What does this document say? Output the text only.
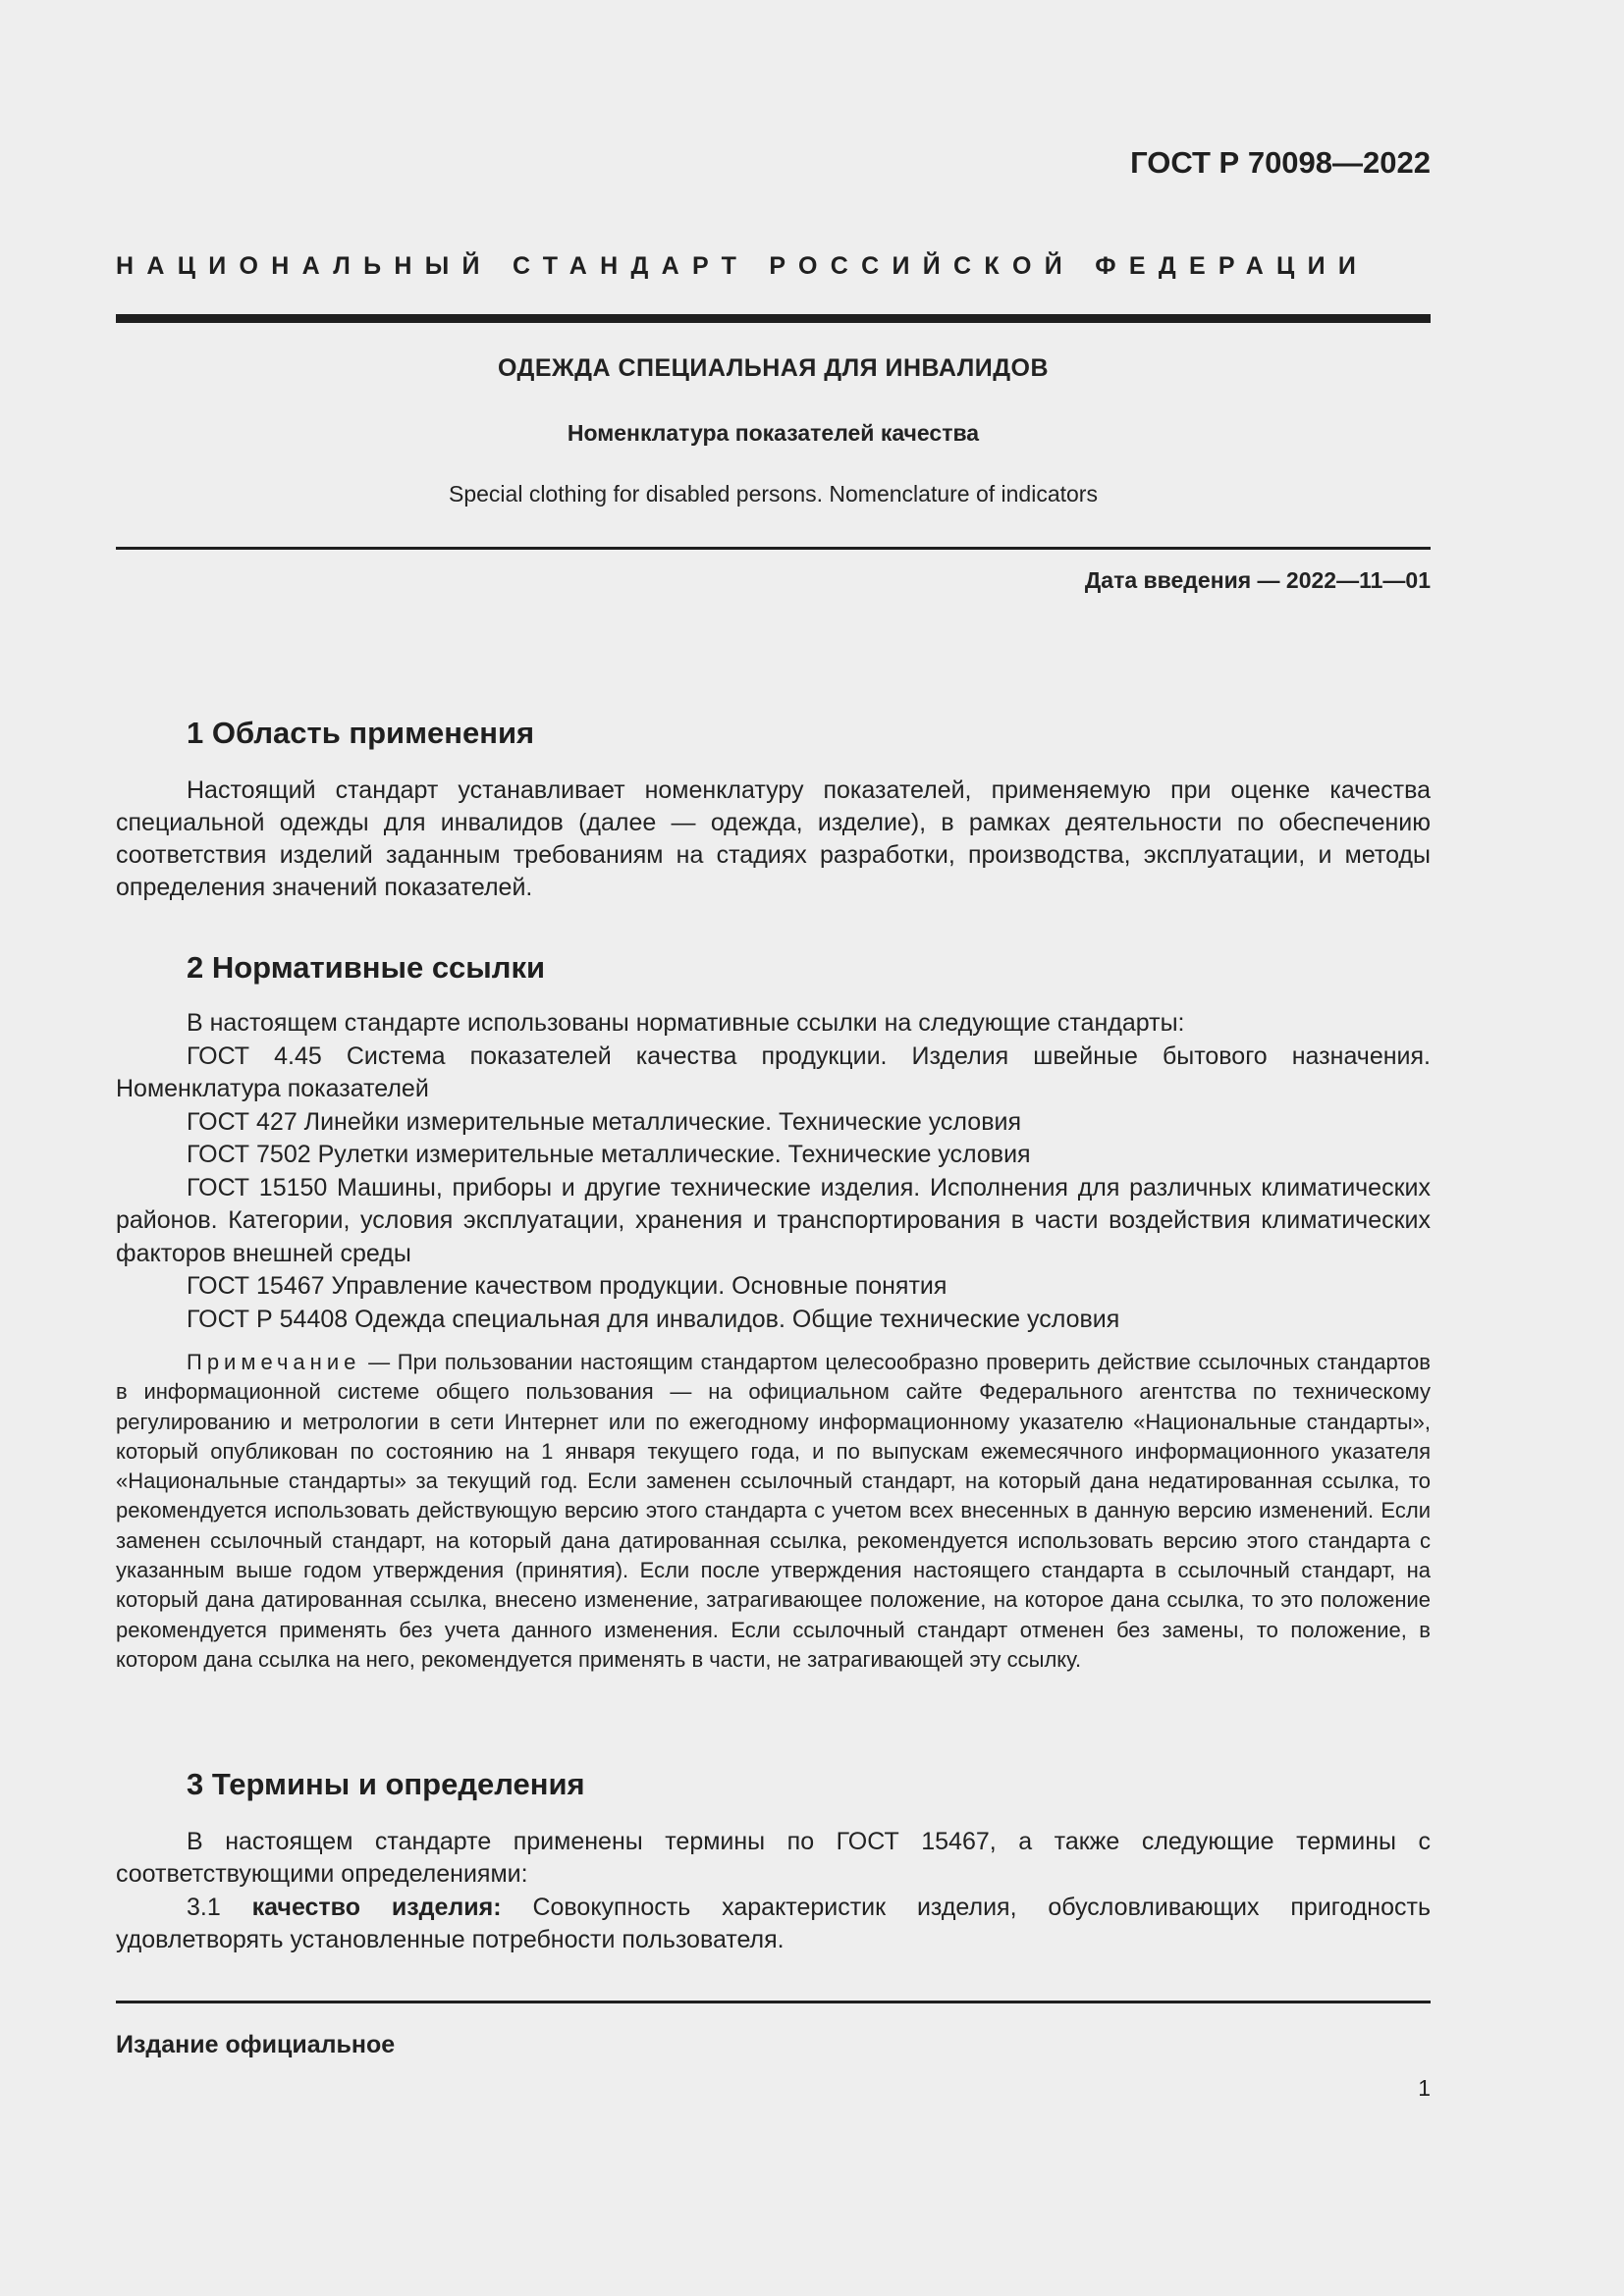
ГОСТ Р 70098—2022
НАЦИОНАЛЬНЫЙ СТАНДАРТ РОССИЙСКОЙ ФЕДЕРАЦИИ
ОДЕЖДА СПЕЦИАЛЬНАЯ ДЛЯ ИНВАЛИДОВ
Номенклатура показателей качества
Special clothing for disabled persons. Nomenclature of indicators
Дата введения — 2022—11—01
1 Область применения
Настоящий стандарт устанавливает номенклатуру показателей, применяемую при оценке качества специальной одежды для инвалидов (далее — одежда, изделие), в рамках деятельности по обеспечению соответствия изделий заданным требованиям на стадиях разработки, производства, эксплуатации, и методы определения значений показателей.
2 Нормативные ссылки
В настоящем стандарте использованы нормативные ссылки на следующие стандарты:
ГОСТ 4.45 Система показателей качества продукции. Изделия швейные бытового назначения. Номенклатура показателей
ГОСТ 427 Линейки измерительные металлические. Технические условия
ГОСТ 7502 Рулетки измерительные металлические. Технические условия
ГОСТ 15150 Машины, приборы и другие технические изделия. Исполнения для различных климатических районов. Категории, условия эксплуатации, хранения и транспортирования в части воздействия климатических факторов внешней среды
ГОСТ 15467 Управление качеством продукции. Основные понятия
ГОСТ Р 54408 Одежда специальная для инвалидов. Общие технические условия
Примечание — При пользовании настоящим стандартом целесообразно проверить действие ссылочных стандартов в информационной системе общего пользования — на официальном сайте Федерального агентства по техническому регулированию и метрологии в сети Интернет или по ежегодному информационному указателю «Национальные стандарты», который опубликован по состоянию на 1 января текущего года, и по выпускам ежемесячного информационного указателя «Национальные стандарты» за текущий год. Если заменен ссылочный стандарт, на который дана недатированная ссылка, то рекомендуется использовать действующую версию этого стандарта с учетом всех внесенных в данную версию изменений. Если заменен ссылочный стандарт, на который дана датированная ссылка, рекомендуется использовать версию этого стандарта с указанным выше годом утверждения (принятия). Если после утверждения настоящего стандарта в ссылочный стандарт, на который дана датированная ссылка, внесено изменение, затрагивающее положение, на которое дана ссылка, то это положение рекомендуется применять без учета данного изменения. Если ссылочный стандарт отменен без замены, то положение, в котором дана ссылка на него, рекомендуется применять в части, не затрагивающей эту ссылку.
3 Термины и определения
В настоящем стандарте применены термины по ГОСТ 15467, а также следующие термины с соответствующими определениями:
3.1 качество изделия: Совокупность характеристик изделия, обусловливающих пригодность удовлетворять установленные потребности пользователя.
Издание официальное
1
